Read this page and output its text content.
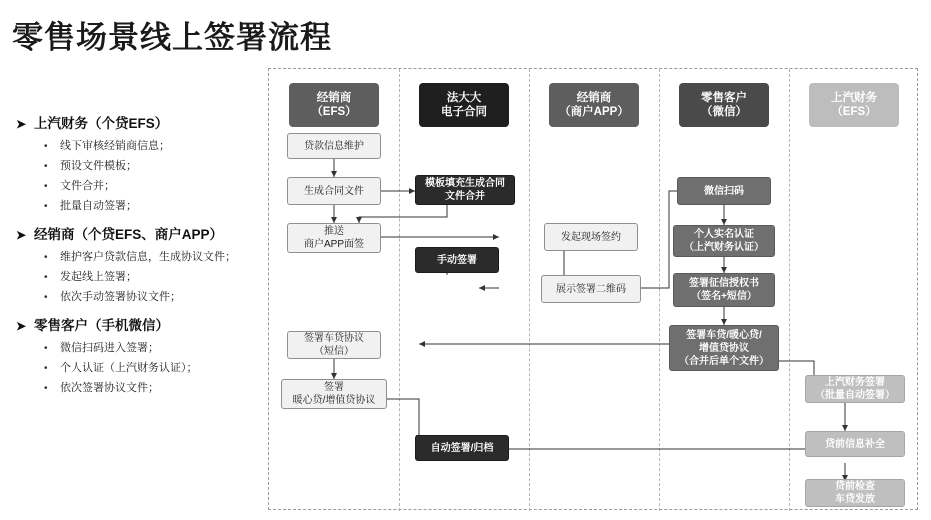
零售场景线上签署流程
➤ 上汽财务（个贷EFS）
• 线下审核经销商信息；
• 预设文件模板；
• 文件合并；
• 批量自动签署；
➤ 经销商（个贷EFS、商户APP）
• 维护客户贷款信息，生成协议文件；
• 发起线上签署；
• 依次手动签署协议文件；
➤ 零售客户（手机微信）
• 微信扫码进入签署；
• 个人认证（上汽财务认证）；
• 依次签署协议文件；
经销商
（EFS）
法大大
电子合同
经销商
（商户APP）
零售客户
（微信）
上汽财务
（EFS）
贷款信息维护
生成合同文件
推送
商户APP面签
签署车贷协议
（短信）
签署
暖心贷/增值贷协议
模板填充生成合同
文件合并
手动签署
自动签署/归档
发起现场签约
展示签署二维码
微信扫码
个人实名认证
（上汽财务认证）
签署征信授权书
（签名+短信）
签署车贷/暖心贷/
增值贷协议
（合并后单个文件）
上汽财务签署
（批量自动签署）
贷前信息补全
贷前检查
车贷发放
